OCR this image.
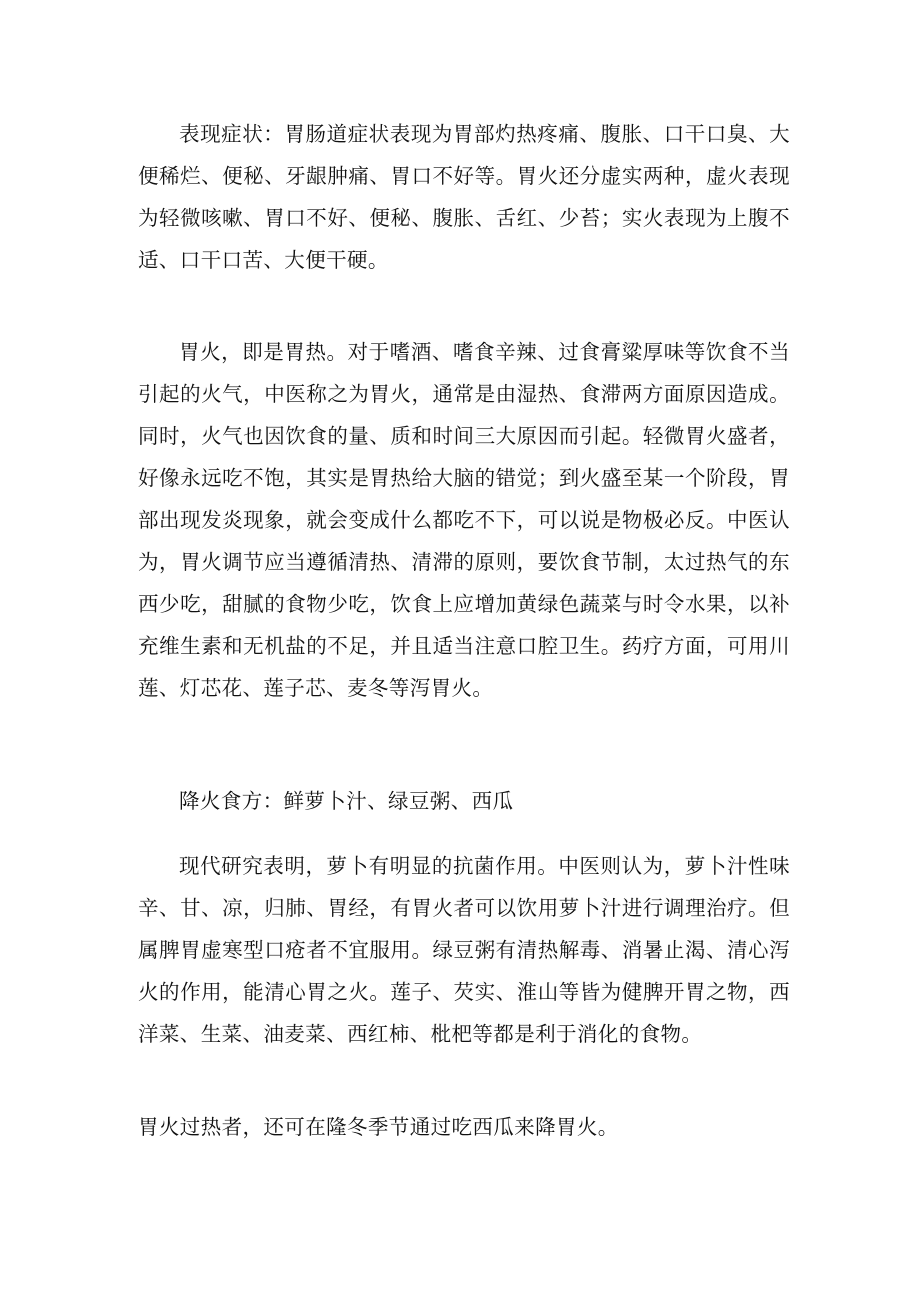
表现症状：胃肠道症状表现为胃部灼热疼痛、腹胀、口干口臭、大便稀烂、便秘、牙龈肿痛、胃口不好等。胃火还分虚实两种，虚火表现为轻微咳嗽、胃口不好、便秘、腹胀、舌红、少苔；实火表现为上腹不适、口干口苦、大便干硬。

胃火，即是胃热。对于嗜酒、嗜食辛辣、过食膏粱厚味等饮食不当引起的火气，中医称之为胃火，通常是由湿热、食滞两方面原因造成。同时，火气也因饮食的量、质和时间三大原因而引起。轻微胃火盛者，好像永远吃不饱，其实是胃热给大脑的错觉；到火盛至某一个阶段，胃部出现发炎现象，就会变成什么都吃不下，可以说是物极必反。中医认为，胃火调节应当遵循清热、清滞的原则，要饮食节制，太过热气的东西少吃，甜腻的食物少吃，饮食上应增加黄绿色蔬菜与时令水果，以补充维生素和无机盐的不足，并且适当注意口腔卫生。药疗方面，可用川莲、灯芯花、莲子芯、麦冬等泻胃火。

降火食方：鲜萝卜汁、绿豆粥、西瓜

现代研究表明，萝卜有明显的抗菌作用。中医则认为，萝卜汁性味辛、甘、凉，归肺、胃经，有胃火者可以饮用萝卜汁进行调理治疗。但属脾胃虚寒型口疮者不宜服用。绿豆粥有清热解毒、消暑止渴、清心泻火的作用，能清心胃之火。莲子、芡实、淮山等皆为健脾开胃之物，西洋菜、生菜、油麦菜、西红柿、枇杷等都是利于消化的食物。

胃火过热者，还可在隆冬季节通过吃西瓜来降胃火。
